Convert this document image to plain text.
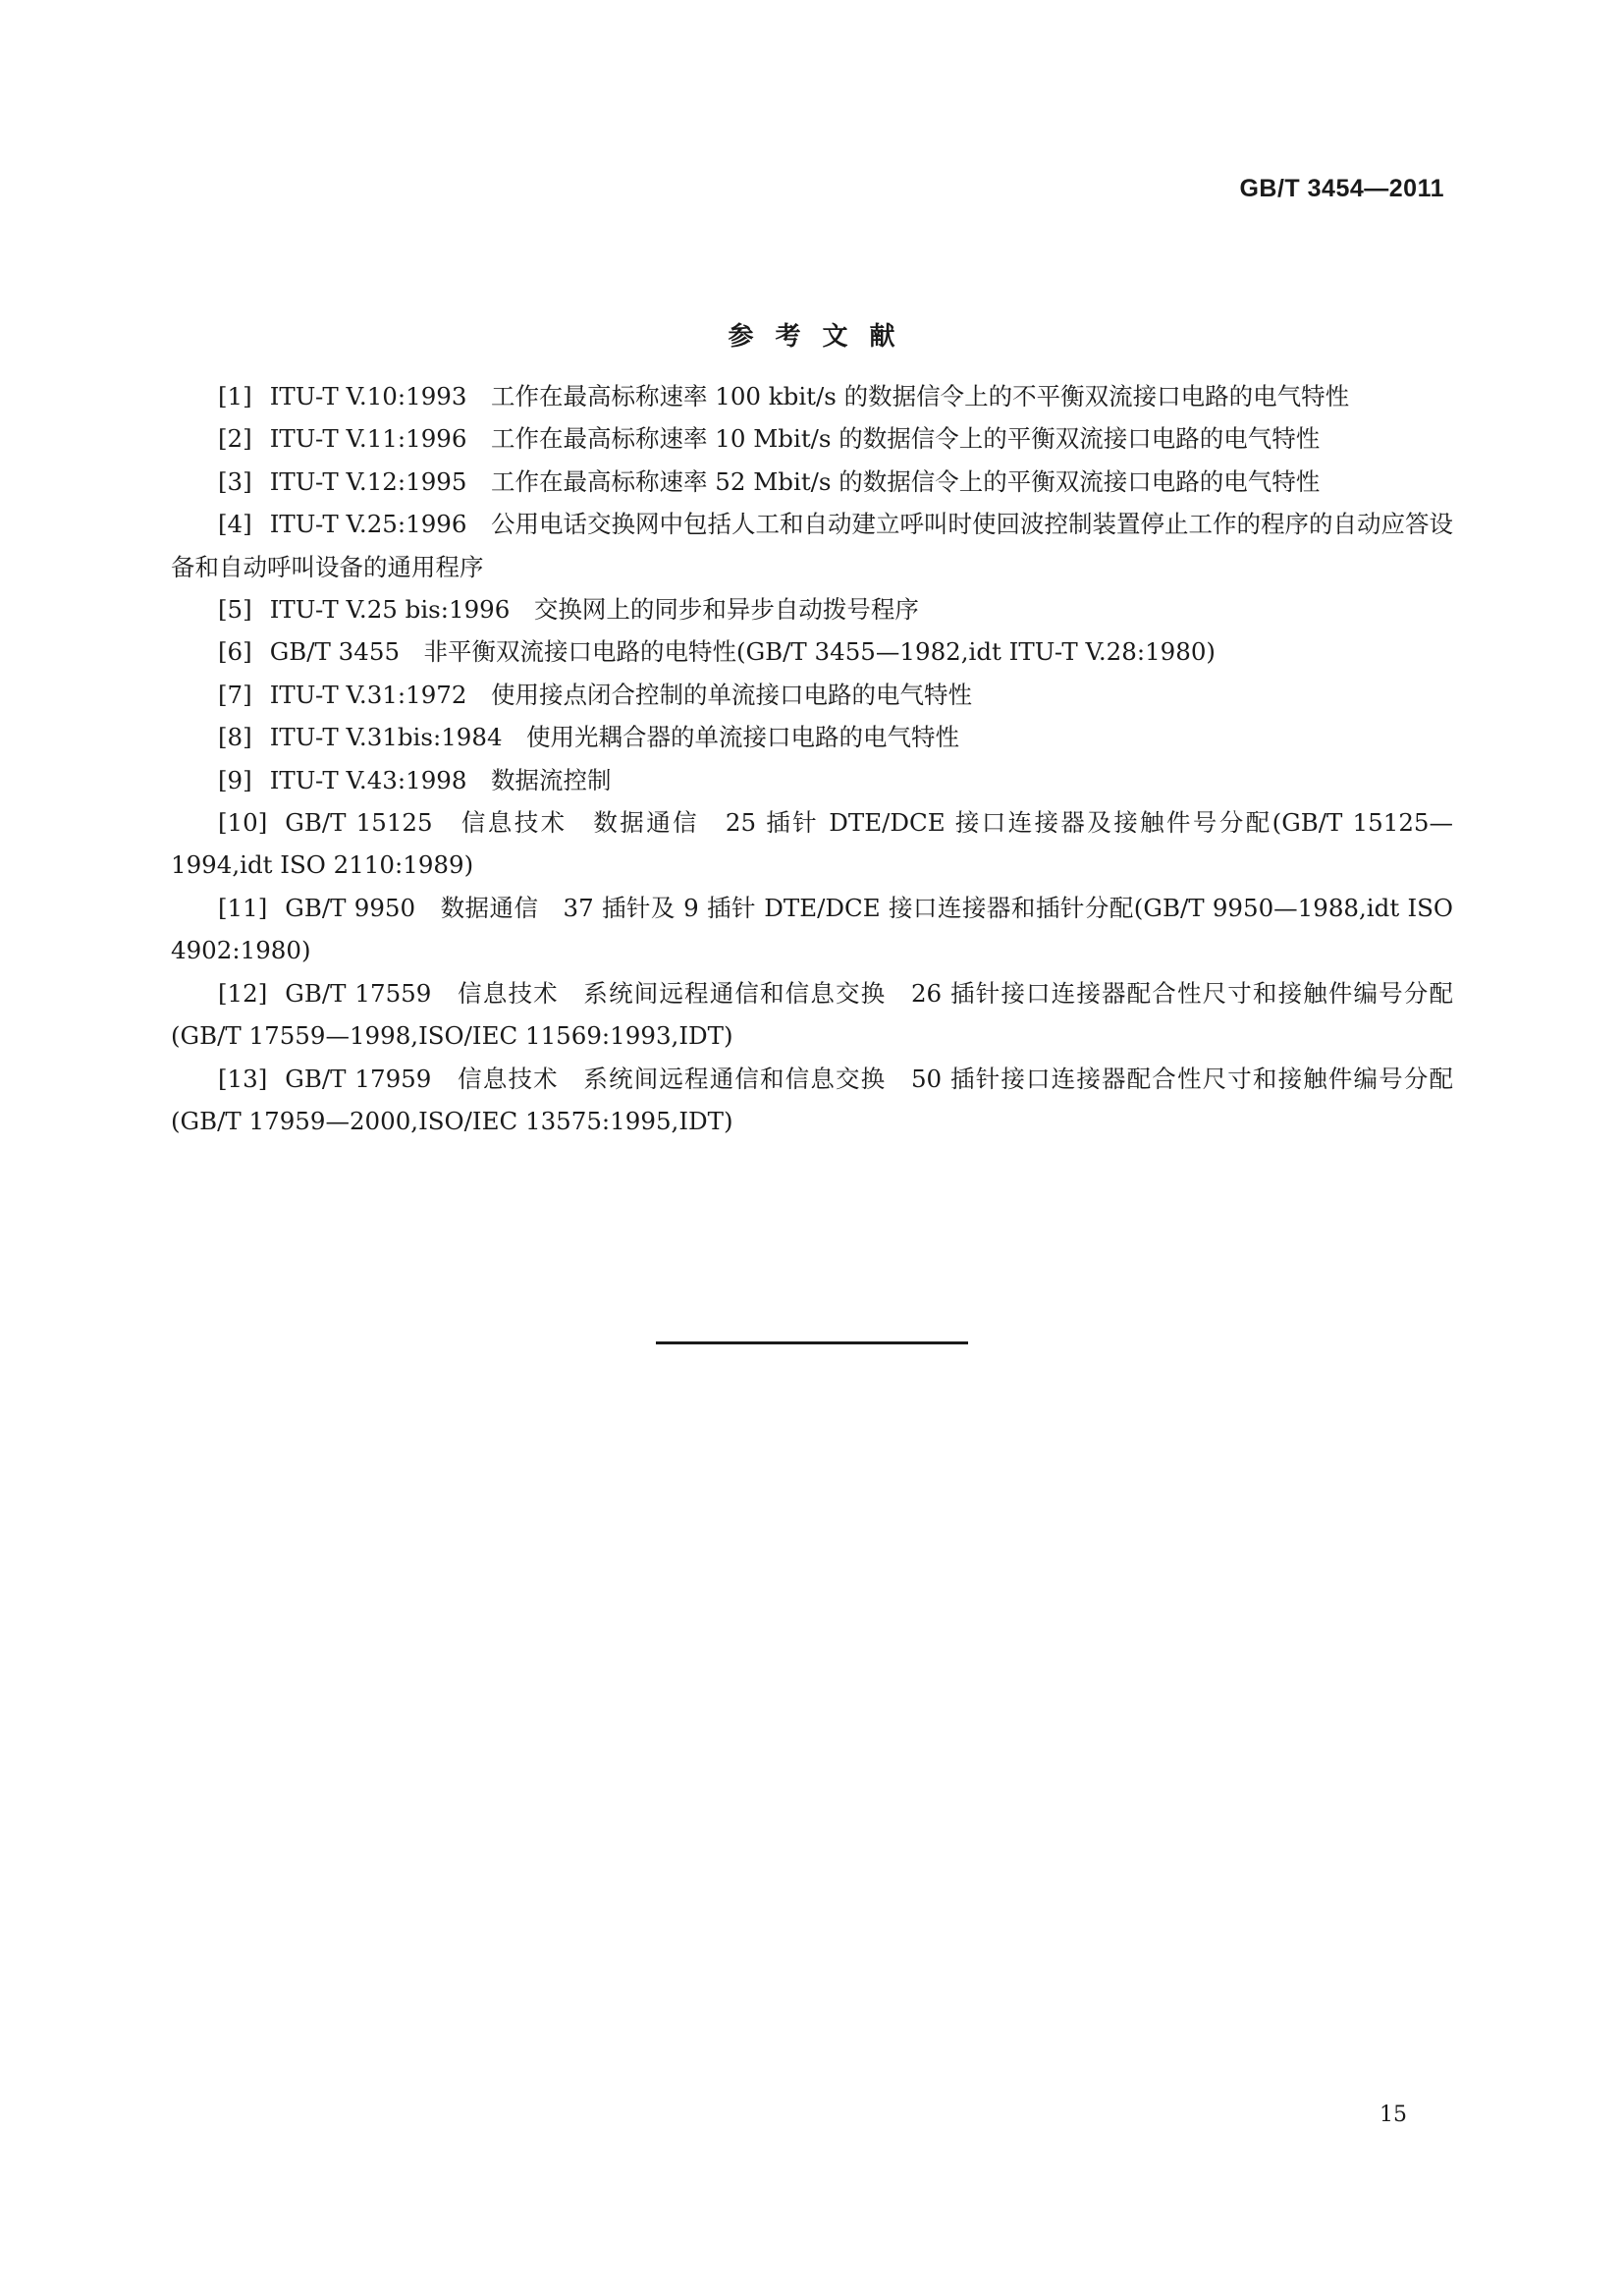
GB/T 3454—2011
参考文献
[1] ITU-T V.10:1993　工作在最高标称速率 100 kbit/s 的数据信令上的不平衡双流接口电路的电气特性
[2] ITU-T V.11:1996　工作在最高标称速率 10 Mbit/s 的数据信令上的平衡双流接口电路的电气特性
[3] ITU-T V.12:1995　工作在最高标称速率 52 Mbit/s 的数据信令上的平衡双流接口电路的电气特性
[4] ITU-T V.25:1996　公用电话交换网中包括人工和自动建立呼叫时使回波控制装置停止工作的程序的自动应答设备和自动呼叫设备的通用程序
[5] ITU-T V.25 bis:1996　交换网上的同步和异步自动拨号程序
[6] GB/T 3455　非平衡双流接口电路的电特性(GB/T 3455—1982,idt ITU-T V.28:1980)
[7] ITU-T V.31:1972　使用接点闭合控制的单流接口电路的电气特性
[8] ITU-T V.31bis:1984　使用光耦合器的单流接口电路的电气特性
[9] ITU-T V.43:1998　数据流控制
[10] GB/T 15125　信息技术　数据通信　25 插针 DTE/DCE 接口连接器及接触件号分配(GB/T 15125—1994,idt ISO 2110:1989)
[11] GB/T 9950　数据通信　37 插针及 9 插针 DTE/DCE 接口连接器和插针分配(GB/T 9950—1988,idt ISO 4902:1980)
[12] GB/T 17559　信息技术　系统间远程通信和信息交换　26 插针接口连接器配合性尺寸和接触件编号分配(GB/T 17559—1998,ISO/IEC 11569:1993,IDT)
[13] GB/T 17959　信息技术　系统间远程通信和信息交换　50 插针接口连接器配合性尺寸和接触件编号分配(GB/T 17959—2000,ISO/IEC 13575:1995,IDT)
15
